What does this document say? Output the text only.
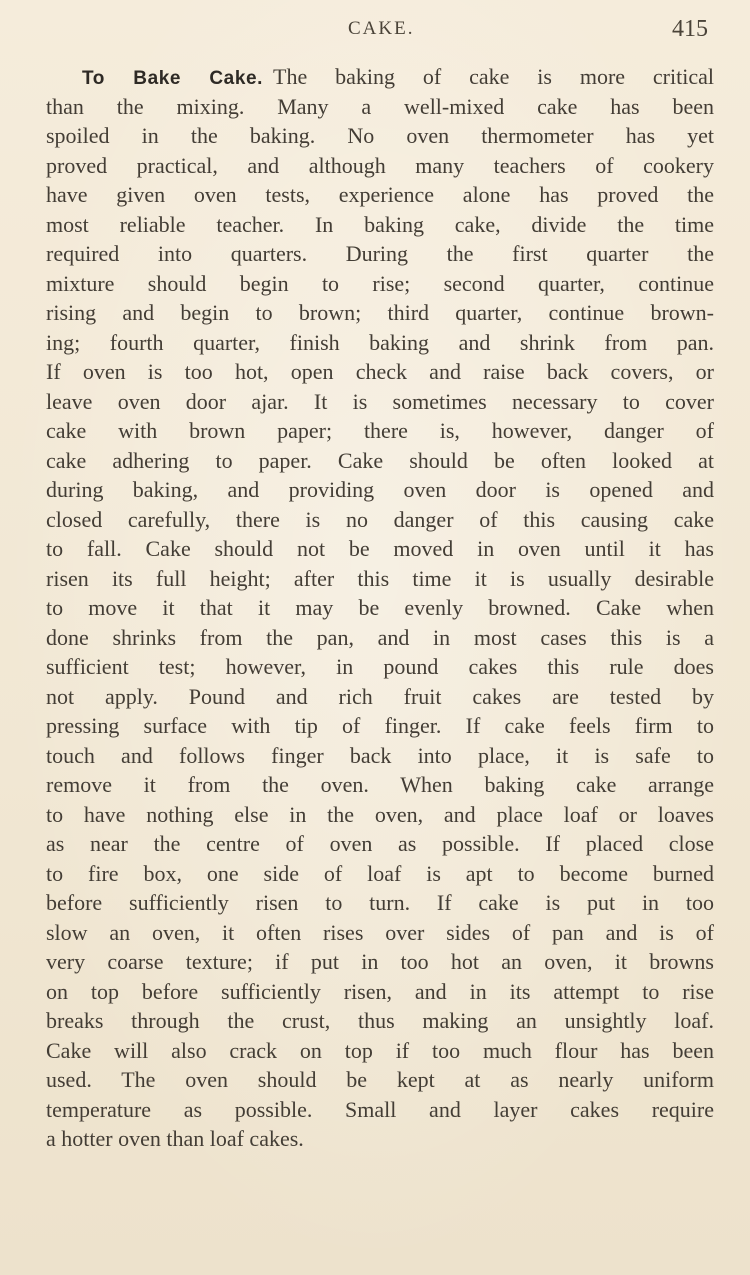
CAKE.	415
To Bake Cake. The baking of cake is more critical
than the mixing. Many a well-mixed cake has been
spoiled in the baking. No oven thermometer has yet
proved practical, and although many teachers of cookery
have given oven tests, experience alone has proved the
most reliable teacher. In baking cake, divide the time
required into quarters. During the first quarter the
mixture should begin to rise; second quarter, continue
rising and begin to brown; third quarter, continue brown-
ing; fourth quarter, finish baking and shrink from pan.
If oven is too hot, open check and raise back covers, or
leave oven door ajar. It is sometimes necessary to cover
cake with brown paper; there is, however, danger of
cake adhering to paper. Cake should be often looked at
during baking, and providing oven door is opened and
closed carefully, there is no danger of this causing cake
to fall. Cake should not be moved in oven until it has
risen its full height; after this time it is usually desirable
to move it that it may be evenly browned. Cake when
done shrinks from the pan, and in most cases this is a
sufficient test; however, in pound cakes this rule does
not apply. Pound and rich fruit cakes are tested by
pressing surface with tip of finger. If cake feels firm to
touch and follows finger back into place, it is safe to
remove it from the oven. When baking cake arrange
to have nothing else in the oven, and place loaf or loaves
as near the centre of oven as possible. If placed close
to fire box, one side of loaf is apt to become burned
before sufficiently risen to turn. If cake is put in too
slow an oven, it often rises over sides of pan and is of
very coarse texture; if put in too hot an oven, it browns
on top before sufficiently risen, and in its attempt to rise
breaks through the crust, thus making an unsightly loaf.
Cake will also crack on top if too much flour has been
used. The oven should be kept at as nearly uniform
temperature as possible. Small and layer cakes require
a hotter oven than loaf cakes.
